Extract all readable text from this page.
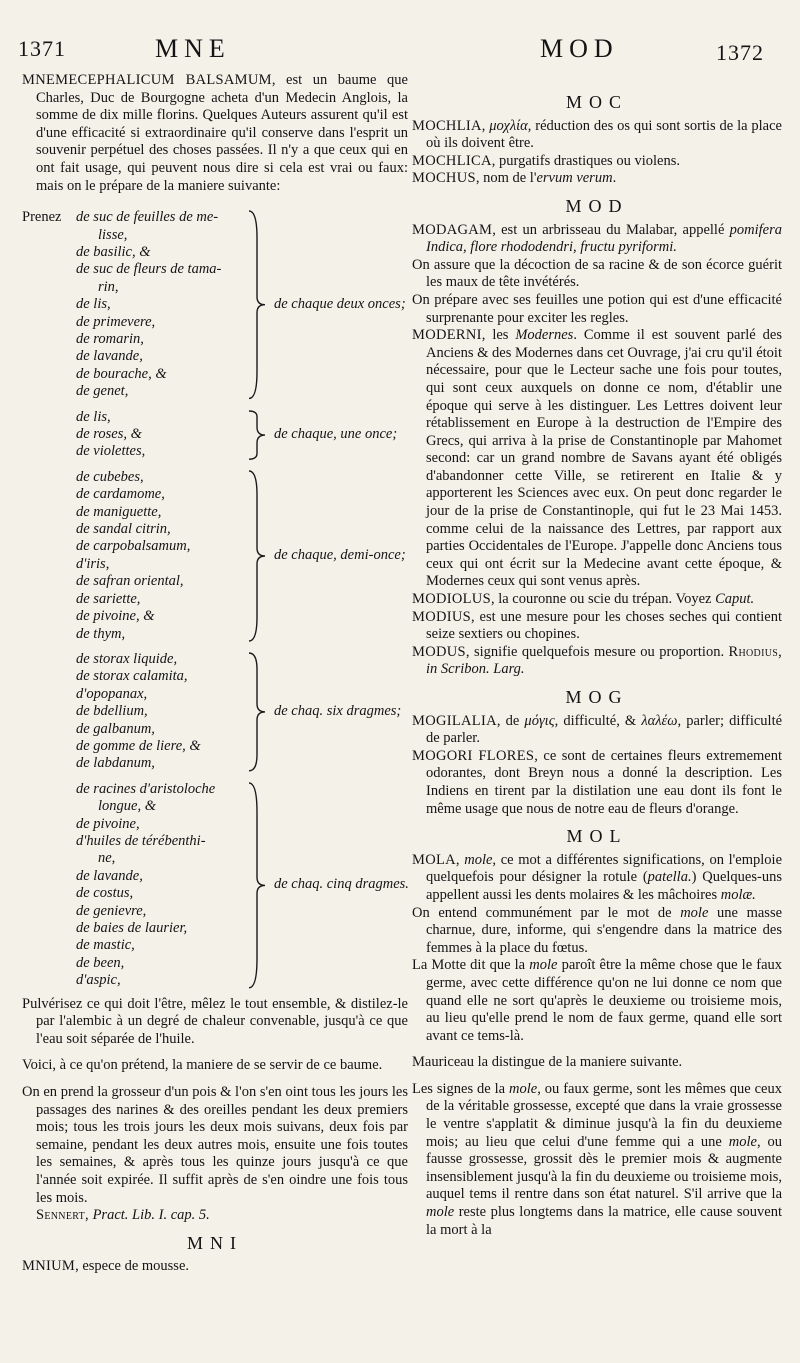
1371	MNE	MOD	1372

MNEMECEPHALICUM BALSAMUM, est un baume que Charles, Duc de Bourgogne acheta d'un Medecin Anglois, la somme de dix mille florins. Quelques Auteurs assurent qu'il est d'une efficacité si extraordinaire qu'il conserve dans l'esprit un souvenir perpétuel des choses passées. Il n'y a que ceux qui en ont fait usage, qui peuvent nous dire si cela est vrai ou faux: mais on le prépare de la maniere suivante:

Prenez de suc de feuilles de me-
lisse,
de basilic, &
de suc de fleurs de tama-
rin,
de lis,
de primevere,
de romarin,
de lavande,
de bourache, &
de genet,
de chaque deux onces;
de lis,
de roses, &
de violettes,
de chaque, une once;
de cubebes,
de cardamome,
de maniguette,
de sandal citrin,
de carpobalsamum,
d'iris,
de safran oriental,
de sariette,
de pivoine, &
de thym,
de chaque, demi-once;
de storax liquide,
de storax calamita,
d'opopanax,
de bdellium,
de galbanum,
de gomme de liere, &
de labdanum,
de chaq. six dragmes;
de racines d'aristoloche
longue, &
de pivoine,
d'huiles de térébenthi-
ne,
de lavande,
de costus,
de genievre,
de baies de laurier,
de mastic,
de been,
d'aspic,
de chaq. cinq dragmes.

Pulvérisez ce qui doit l'être, mêlez le tout ensemble, & distilez-le par l'alembic à un degré de chaleur convenable, jusqu'à ce que l'eau soit séparée de l'huile.

Voici, à ce qu'on prétend, la maniere de se servir de ce baume.

On en prend la grosseur d'un pois & l'on s'en oint tous les jours les passages des narines & des oreilles pendant les deux premiers mois; tous les trois jours les deux mois suivans, deux fois par semaine, pendant les deux autres mois, ensuite une fois toutes les semaines, & après tous les quinze jours jusqu'à ce que l'année soit expirée. Il suffit après de s'en oindre une fois tous les mois.
Sennert, Pract. Lib. I. cap. 5.

MNI

MNIUM, espece de mousse.

MOC

MOCHLIA, μοχλία, réduction des os qui sont sortis de la place où ils doivent être.

MOCHLICA, purgatifs drastiques ou violens.

MOCHUS, nom de l'ervum verum.

MOD

MODAGAM, est un arbrisseau du Malabar, appellé pomifera Indica, flore rhododendri, fructu pyriformi.

On assure que la décoction de sa racine & de son écorce guérit les maux de tête invétérés.

On prépare avec ses feuilles une potion qui est d'une efficacité surprenante pour exciter les regles.

MODERNI, les Modernes. Comme il est souvent parlé des Anciens & des Modernes dans cet Ouvrage, j'ai cru qu'il étoit nécessaire, pour que le Lecteur sache une fois pour toutes, qui sont ceux auxquels on donne ce nom, d'établir une époque qui serve à les distinguer. Les Lettres doivent leur rétablissement en Europe à la destruction de l'Empire des Grecs, qui arriva à la prise de Constantinople par Mahomet second: car un grand nombre de Savans ayant été obligés d'abandonner cette Ville, se retirerent en Italie & y apporterent les Sciences avec eux. On peut donc regarder le jour de la prise de Constantinople, qui fut le 23 Mai 1453. comme celui de la naissance des Lettres, par rapport aux parties Occidentales de l'Europe. J'appelle donc Anciens tous ceux qui ont écrit sur la Medecine avant cette époque, & Modernes ceux qui sont venus après.

MODIOLUS, la couronne ou scie du trépan. Voyez Caput.

MODIUS, est une mesure pour les choses seches qui contient seize sextiers ou chopines.

MODUS, signifie quelquefois mesure ou proportion. Rhodius, in Scribon. Larg.

MOG

MOGILALIA, de μόγις, difficulté, & λαλέω, parler; difficulté de parler.

MOGORI FLORES, ce sont de certaines fleurs extremement odorantes, dont Breyn nous a donné la description. Les Indiens en tirent par la distilation une eau dont ils font le même usage que nous de notre eau de fleurs d'orange.

MOL

MOLA, mole, ce mot a différentes significations, on l'emploie quelquefois pour désigner la rotule (patella.) Quelques-uns appellent aussi les dents molaires & les mâchoires molæ.

On entend communément par le mot de mole une masse charnue, dure, informe, qui s'engendre dans la matrice des femmes à la place du fœtus.

La Motte dit que la mole paroît être la même chose que le faux germe, avec cette différence qu'on ne lui donne ce nom que quand elle ne sort qu'après le deuxieme ou troisieme mois, au lieu qu'elle prend le nom de faux germe, quand elle sort avant ce tems-là.

Mauriceau la distingue de la maniere suivante.

Les signes de la mole, ou faux germe, sont les mêmes que ceux de la véritable grossesse, excepté que dans la vraie grossesse le ventre s'applatit & diminue jusqu'à la fin du deuxieme mois; au lieu que celui d'une femme qui a une mole, ou fausse grossesse, grossit dès le premier mois & augmente insensiblement jusqu'à la fin du deuxieme ou troisieme mois, auquel tems il rentre dans son état naturel. S'il arrive que la mole reste plus longtems dans la matrice, elle cause souvent la mort à la
